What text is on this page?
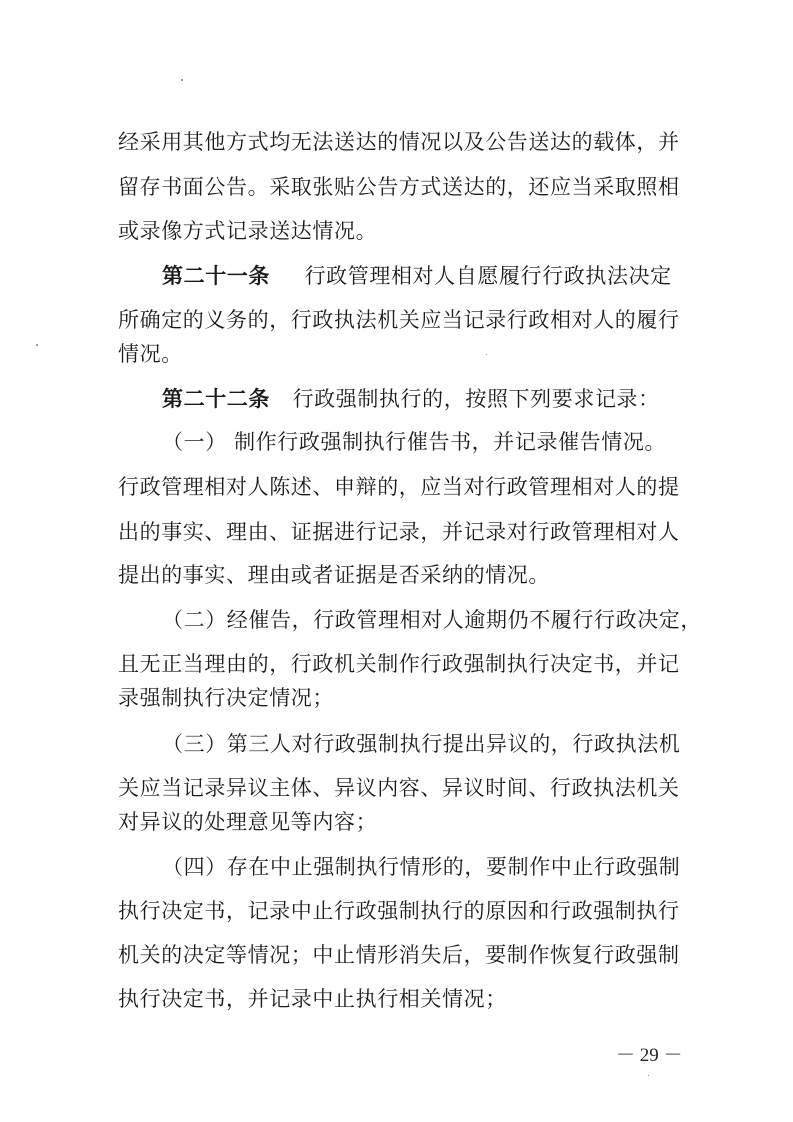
经采用其他方式均无法送达的情况以及公告送达的载体，并
留存书面公告。采取张贴公告方式送达的，还应当采取照相
或录像方式记录送达情况。
第二十一条 行政管理相对人自愿履行行政执法决定
所确定的义务的，行政执法机关应当记录行政相对人的履行
情况。
第二十二条 行政强制执行的，按照下列要求记录：
（一） 制作行政强制执行催告书，并记录催告情况。
行政管理相对人陈述、申辩的，应当对行政管理相对人的提
出的事实、理由、证据进行记录，并记录对行政管理相对人
提出的事实、理由或者证据是否采纳的情况。
（二）经催告，行政管理相对人逾期仍不履行行政决定，
且无正当理由的，行政机关制作行政强制执行决定书，并记
录强制执行决定情况；
（三）第三人对行政强制执行提出异议的，行政执法机
关应当记录异议主体、异议内容、异议时间、行政执法机关
对异议的处理意见等内容；
（四）存在中止强制执行情形的，要制作中止行政强制
执行决定书，记录中止行政强制执行的原因和行政强制执行
机关的决定等情况；中止情形消失后，要制作恢复行政强制
执行决定书，并记录中止执行相关情况；
－ 29 －
